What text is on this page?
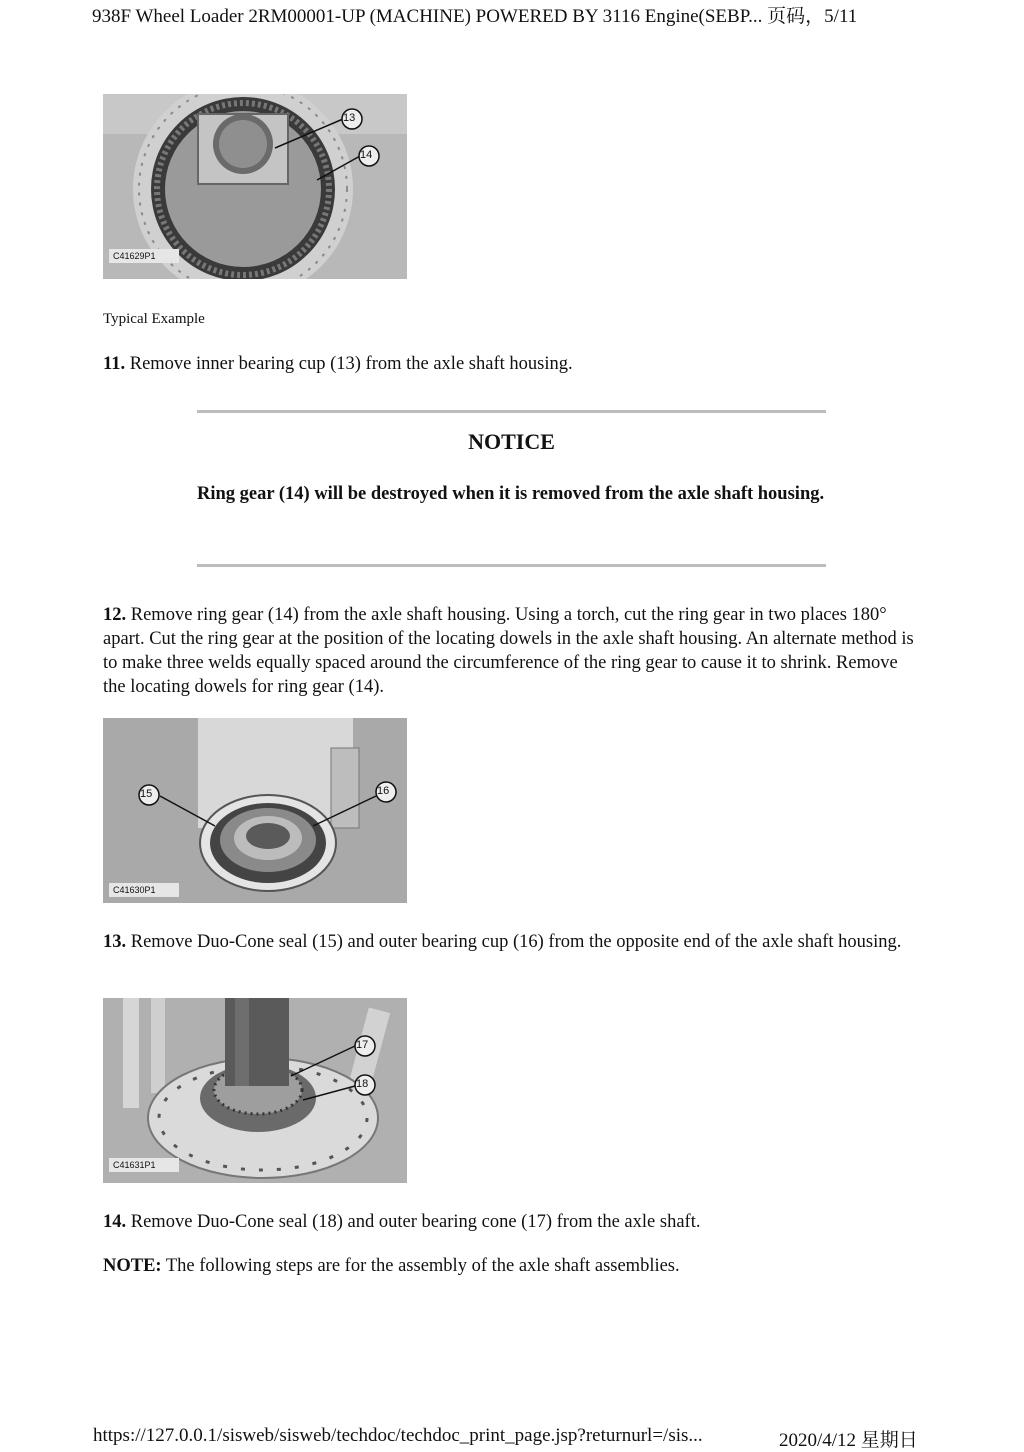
938F Wheel Loader 2RM00001-UP (MACHINE) POWERED BY 3116 Engine(SEBP... 页码，5/11
13
14
C41629P1
Typical Example
11. Remove inner bearing cup (13) from the axle shaft housing.
NOTICE
Ring gear (14) will be destroyed when it is removed from the axle shaft housing.
12. Remove ring gear (14) from the axle shaft housing. Using a torch, cut the ring gear in two places 180° apart. Cut the ring gear at the position of the locating dowels in the axle shaft housing. An alternate method is to make three welds equally spaced around the circumference of the ring gear to cause it to shrink. Remove the locating dowels for ring gear (14).
15	16
C41630P1
13. Remove Duo-Cone seal (15) and outer bearing cup (16) from the opposite end of the axle shaft housing.
17
18
C41631P1
14. Remove Duo-Cone seal (18) and outer bearing cone (17) from the axle shaft.
NOTE: The following steps are for the assembly of the axle shaft assemblies.
https://127.0.0.1/sisweb/sisweb/techdoc/techdoc_print_page.jsp?returnurl=/sis...	2020/4/12 星期日
